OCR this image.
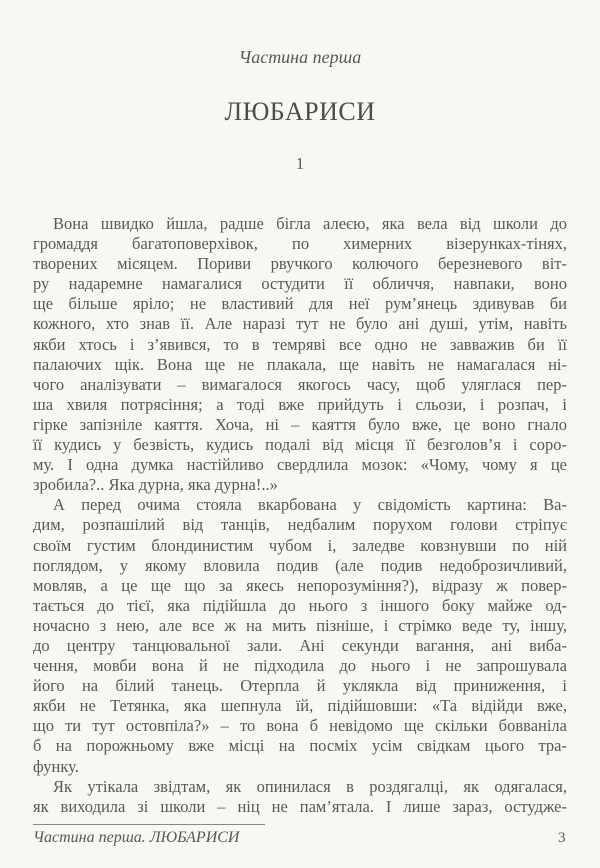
Частина перша
ЛЮБАРИСИ
1
Вона швидко йшла, радше бігла алеєю, яка вела від школи до
громаддя багатоповерхівок, по химерних візерунках-тінях,
творених місяцем. Пориви рвучкого колючого березневого віт-
ру надаремне намагалися остудити її обличчя, навпаки, воно
ще більше яріло; не властивий для неї рум’янець здивував би
кожного, хто знав її. Але наразі тут не було ані душі, утім, навіть
якби хтось і з’явився, то в темряві все одно не завважив би її
палаючих щік. Вона ще не плакала, ще навіть не намагалася ні-
чого аналізувати – вимагалося якогось часу, щоб уляглася пер-
ша хвиля потрясіння; а тоді вже прийдуть і сльози, і розпач, і
гірке запізніле каяття. Хоча, ні – каяття було вже, це воно гнало
її кудись у безвість, кудись подалі від місця її безголов’я і соро-
му. І одна думка настійливо свердлила мозок: «Чому, чому я це
зробила?.. Яка дурна, яка дурна!..»
А перед очима стояла вкарбована у свідомість картина: Ва-
дим, розпашілий від танців, недбалим порухом голови стріпує
своїм густим блондинистим чубом і, заледве ковзнувши по ній
поглядом, у якому вловила подив (але подив недоброзичливий,
мовляв, а це ще що за якесь непорозуміння?), відразу ж повер-
тається до тієї, яка підійшла до нього з іншого боку майже од-
ночасно з нею, але все ж на мить пізніше, і стрімко веде ту, іншу,
до центру танцювальної зали. Ані секунди вагання, ані виба-
чення, мовби вона й не підходила до нього і не запрошувала
його на білий танець. Отерпла й уклякла від приниження, і
якби не Тетянка, яка шепнула їй, підійшовши: «Та відійди вже,
що ти тут остовпіла?» – то вона б невідомо ще скільки бовваніла
б на порожньому вже місці на посміх усім свідкам цього тра-
функу.
Як утікала звідтам, як опинилася в роздягалці, як одягалася,
як виходила зі школи – ніц не пам’ятала. І лише зараз, остудже-
Частина перша. ЛЮБАРИСИ	3
